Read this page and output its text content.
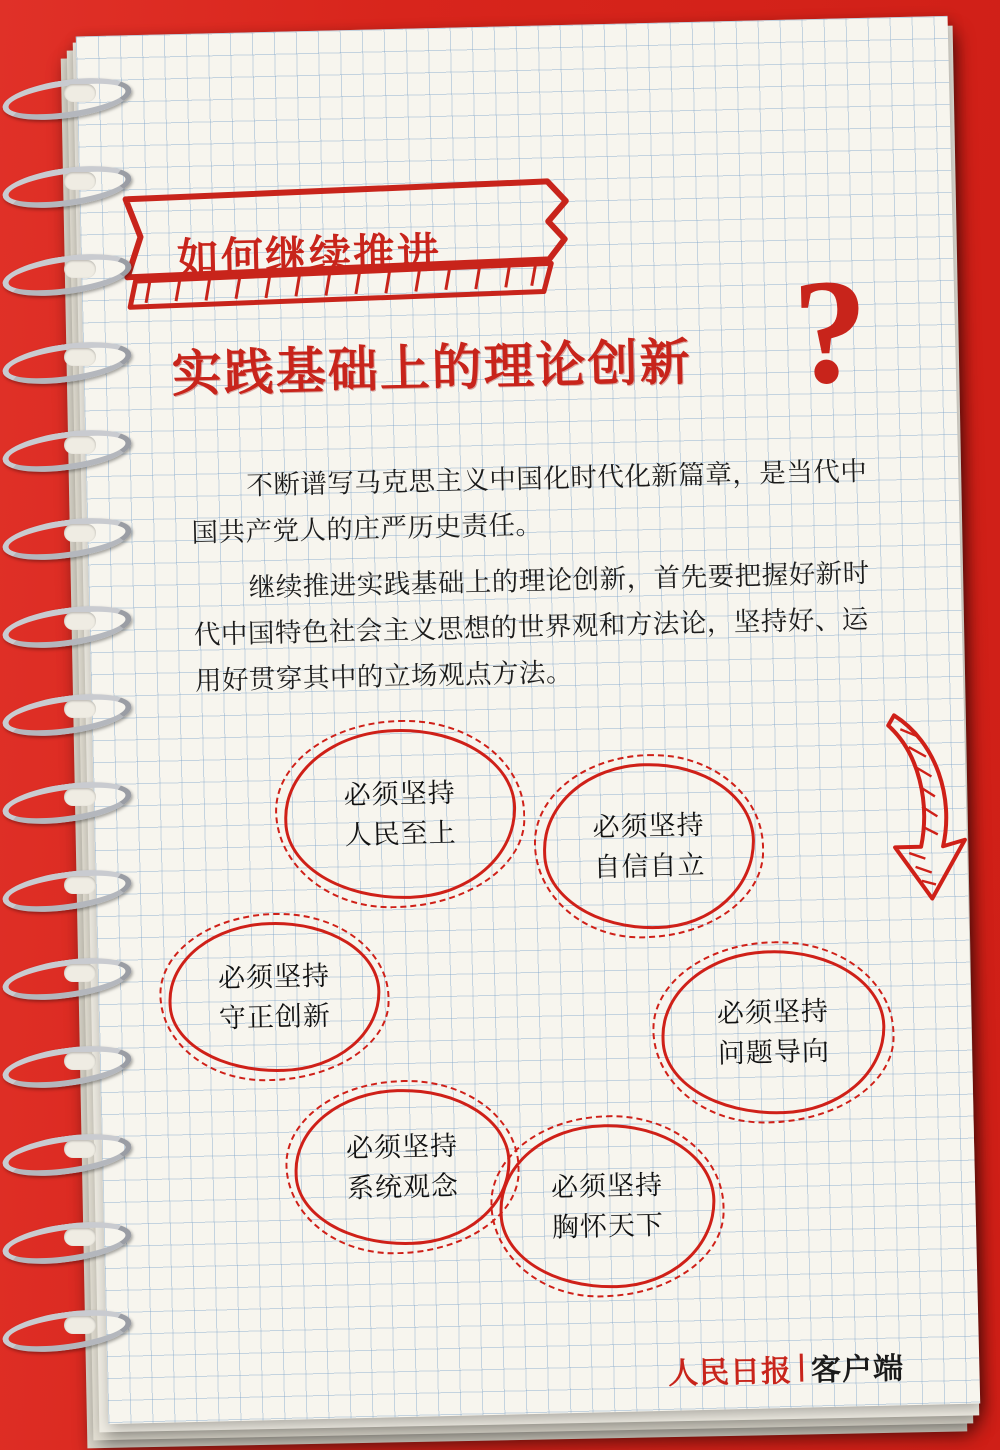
如何继续推进
实践基础上的理论创新 ?
不断谱写马克思主义中国化时代化新篇章，是当代中国共产党人的庄严历史责任。
继续推进实践基础上的理论创新，首先要把握好新时代中国特色社会主义思想的世界观和方法论，坚持好、运用好贯穿其中的立场观点方法。
必须坚持
人民至上	必须坚持
自信自立
必须坚持
守正创新	必须坚持
问题导向
必须坚持
系统观念	必须坚持
胸怀天下
人民日报 客户端
